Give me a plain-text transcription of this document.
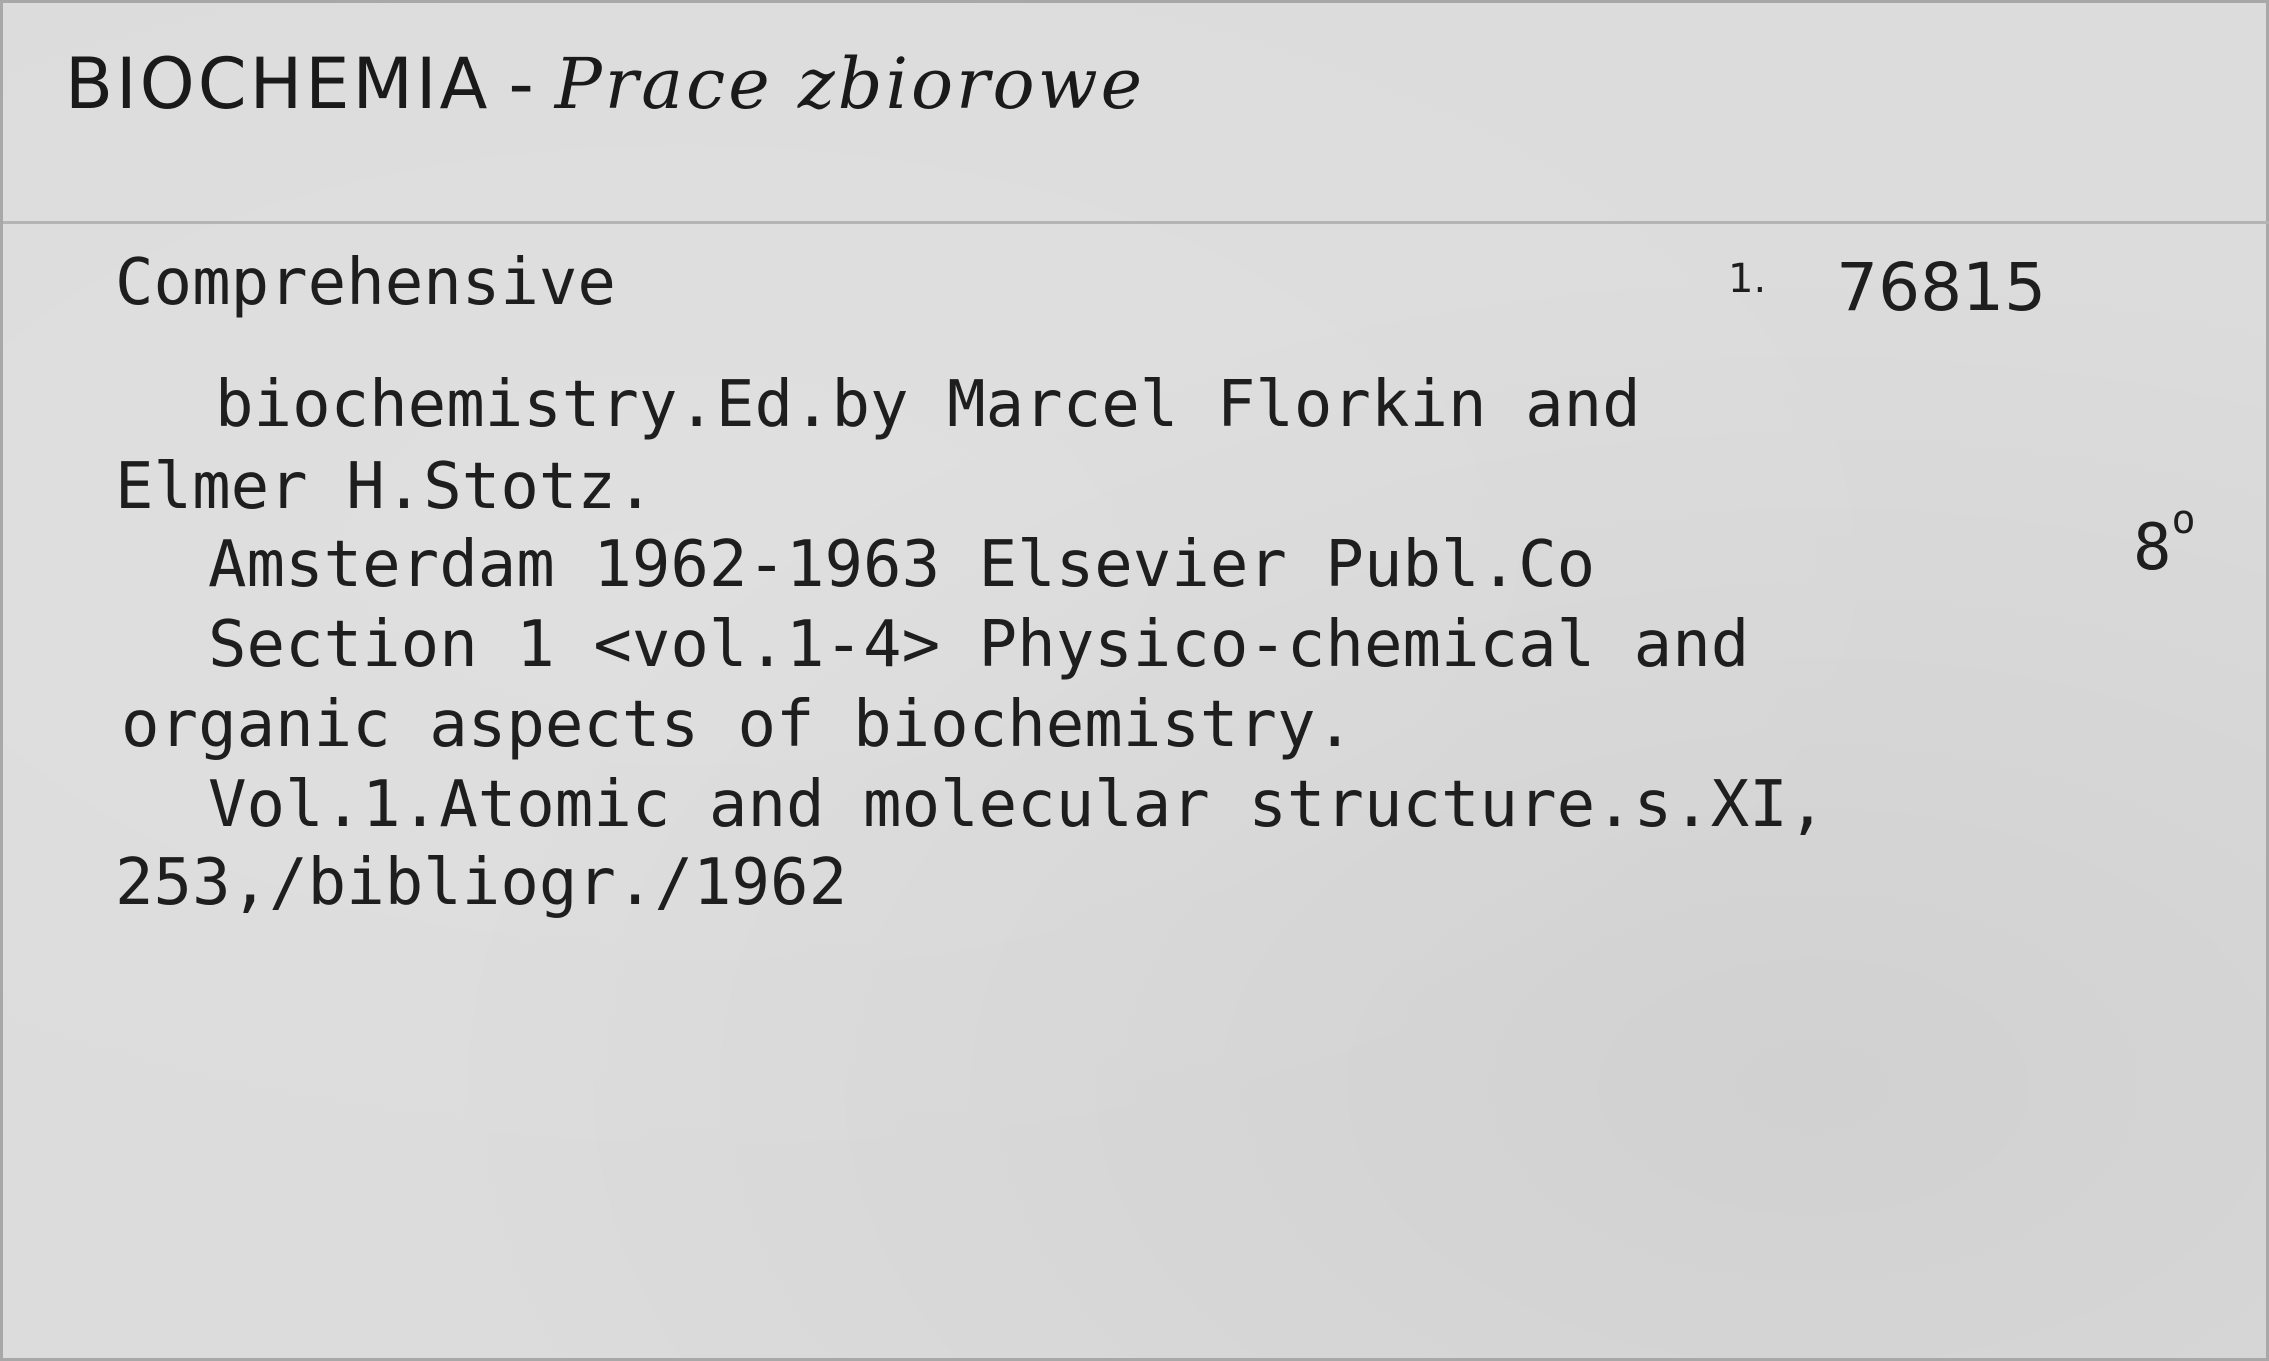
BIOCHEMIA - Prace zbiorowe
$^{1.}$ 76815
8$^o$
Comprehensive
biochemistry.Ed.by Marcel Florkin and
Elmer H.Stotz.
Amsterdam 1962-1963 Elsevier Publ.Co
Section 1 <vol.1-4> Physico-chemical and
organic aspects of biochemistry.
Vol.1.Atomic and molecular structure.s.XI,
253,/bibliogr./1962
